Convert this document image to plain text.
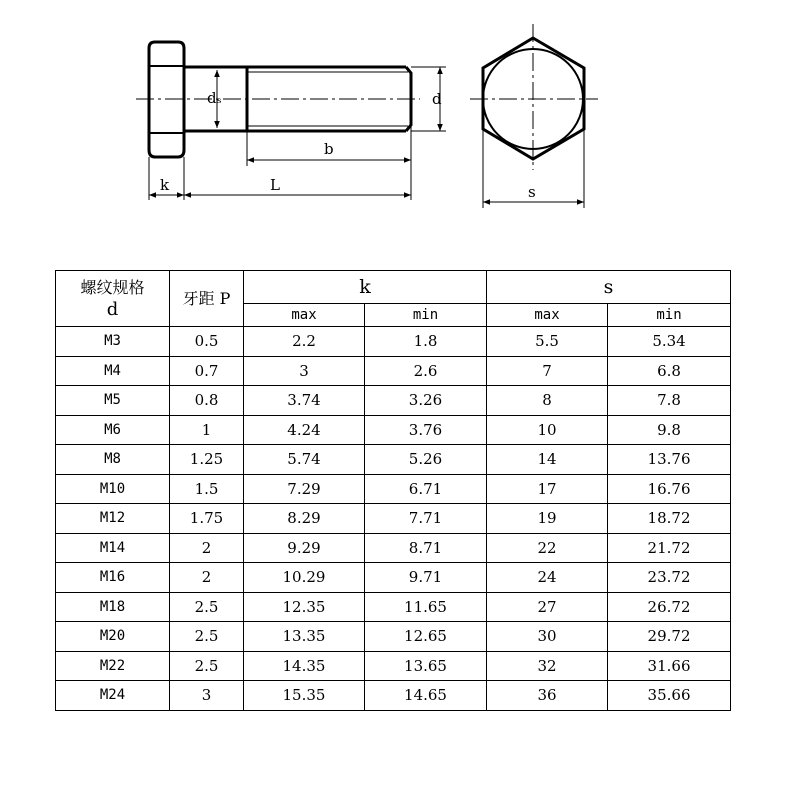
dₛ	d
b
k	L	s
螺纹规格
d	牙距 P	k		s	
		max	min	max	min
M3	0.5	2.2	1.8	5.5	5.34
M4	0.7	3	2.6	7	6.8
M5	0.8	3.74	3.26	8	7.8
M6	1	4.24	3.76	10	9.8
M8	1.25	5.74	5.26	14	13.76
M10	1.5	7.29	6.71	17	16.76
M12	1.75	8.29	7.71	19	18.72
M14	2	9.29	8.71	22	21.72
M16	2	10.29	9.71	24	23.72
M18	2.5	12.35	11.65	27	26.72
M20	2.5	13.35	12.65	30	29.72
M22	2.5	14.35	13.65	32	31.66
M24	3	15.35	14.65	36	35.66
